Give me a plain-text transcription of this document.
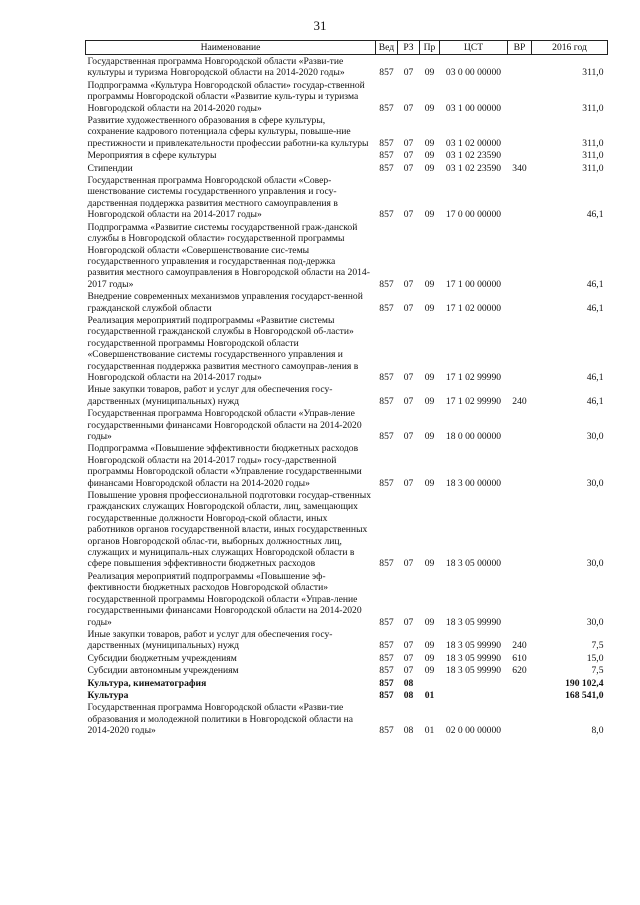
31
Наименование	Вед	РЗ	Пр	ЦСТ	ВР	2016 год
Государственная программа Новгородской области «Разви-тие культуры и туризма Новгородской области на 2014-2020 годы»	857	07	09	03 0 00 00000		311,0
Подпрограмма «Культура Новгородской области» государ-ственной программы Новгородской области «Развитие куль-туры и туризма Новгородской области на 2014-2020 годы»	857	07	09	03 1 00 00000		311,0
Развитие художественного образования в сфере культуры, сохранение кадрового потенциала сферы культуры, повыше-ние престижности и привлекательности профессии работни-ка культуры	857	07	09	03 1 02 00000		311,0
Мероприятия в сфере культуры	857	07	09	03 1 02 23590		311,0
Стипендии	857	07	09	03 1 02 23590	340	311,0
Государственная программа Новгородской области «Совер-шенствование системы государственного управления и госу-дарственная поддержка развития местного самоуправления в Новгородской области на 2014-2017 годы»	857	07	09	17 0 00 00000		46,1
Подпрограмма «Развитие системы государственной граж-данской службы в Новгородской области» государственной программы Новгородской области «Совершенствование сис-темы государственного управления и государственная под-держка развития местного самоуправления в Новгородской области на 2014-2017 годы»	857	07	09	17 1 00 00000		46,1
Внедрение современных механизмов управления государст-венной гражданской службой области	857	07	09	17 1 02 00000		46,1
Реализация мероприятий подпрограммы «Развитие системы государственной гражданской службы в Новгородской об-ласти» государственной программы Новгородской области «Совершенствование системы государственного управления и государственная поддержка развития местного самоуправ-ления в Новгородской области на 2014-2017 годы»	857	07	09	17 1 02 99990		46,1
Иные закупки товаров, работ и услуг для обеспечения госу-дарственных (муниципальных) нужд	857	07	09	17 1 02 99990	240	46,1
Государственная программа Новгородской области «Управ-ление государственными финансами Новгородской области на 2014-2020 годы»	857	07	09	18 0 00 00000		30,0
Подпрограмма «Повышение эффективности бюджетных расходов Новгородской области на 2014-2017 годы» госу-дарственной программы Новгородской области «Управление государственными финансами Новгородской области на 2014-2020 годы»	857	07	09	18 3 00 00000		30,0
Повышение уровня профессиональной подготовки государ-ственных гражданских служащих Новгородской области, лиц, замещающих государственные должности Новгород-ской области, иных работников органов государственной власти, иных государственных органов Новгородской облас-ти, выборных должностных лиц, служащих и муниципаль-ных служащих Новгородской области в сфере повышения эффективности бюджетных расходов	857	07	09	18 3 05 00000		30,0
Реализация мероприятий подпрограммы «Повышение эф-фективности бюджетных расходов Новгородской области» государственной программы Новгородской области «Управ-ление государственными финансами Новгородской области на 2014-2020 годы»	857	07	09	18 3 05 99990		30,0
Иные закупки товаров, работ и услуг для обеспечения госу-дарственных (муниципальных) нужд	857	07	09	18 3 05 99990	240	7,5
Субсидии бюджетным учреждениям	857	07	09	18 3 05 99990	610	15,0
Субсидии автономным учреждениям	857	07	09	18 3 05 99990	620	7,5
Культура, кинематография	857	08				190 102,4
Культура	857	08	01			168 541,0
Государственная программа Новгородской области «Разви-тие образования и молодежной политики в Новгородской области на 2014-2020 годы»	857	08	01	02 0 00 00000		8,0
